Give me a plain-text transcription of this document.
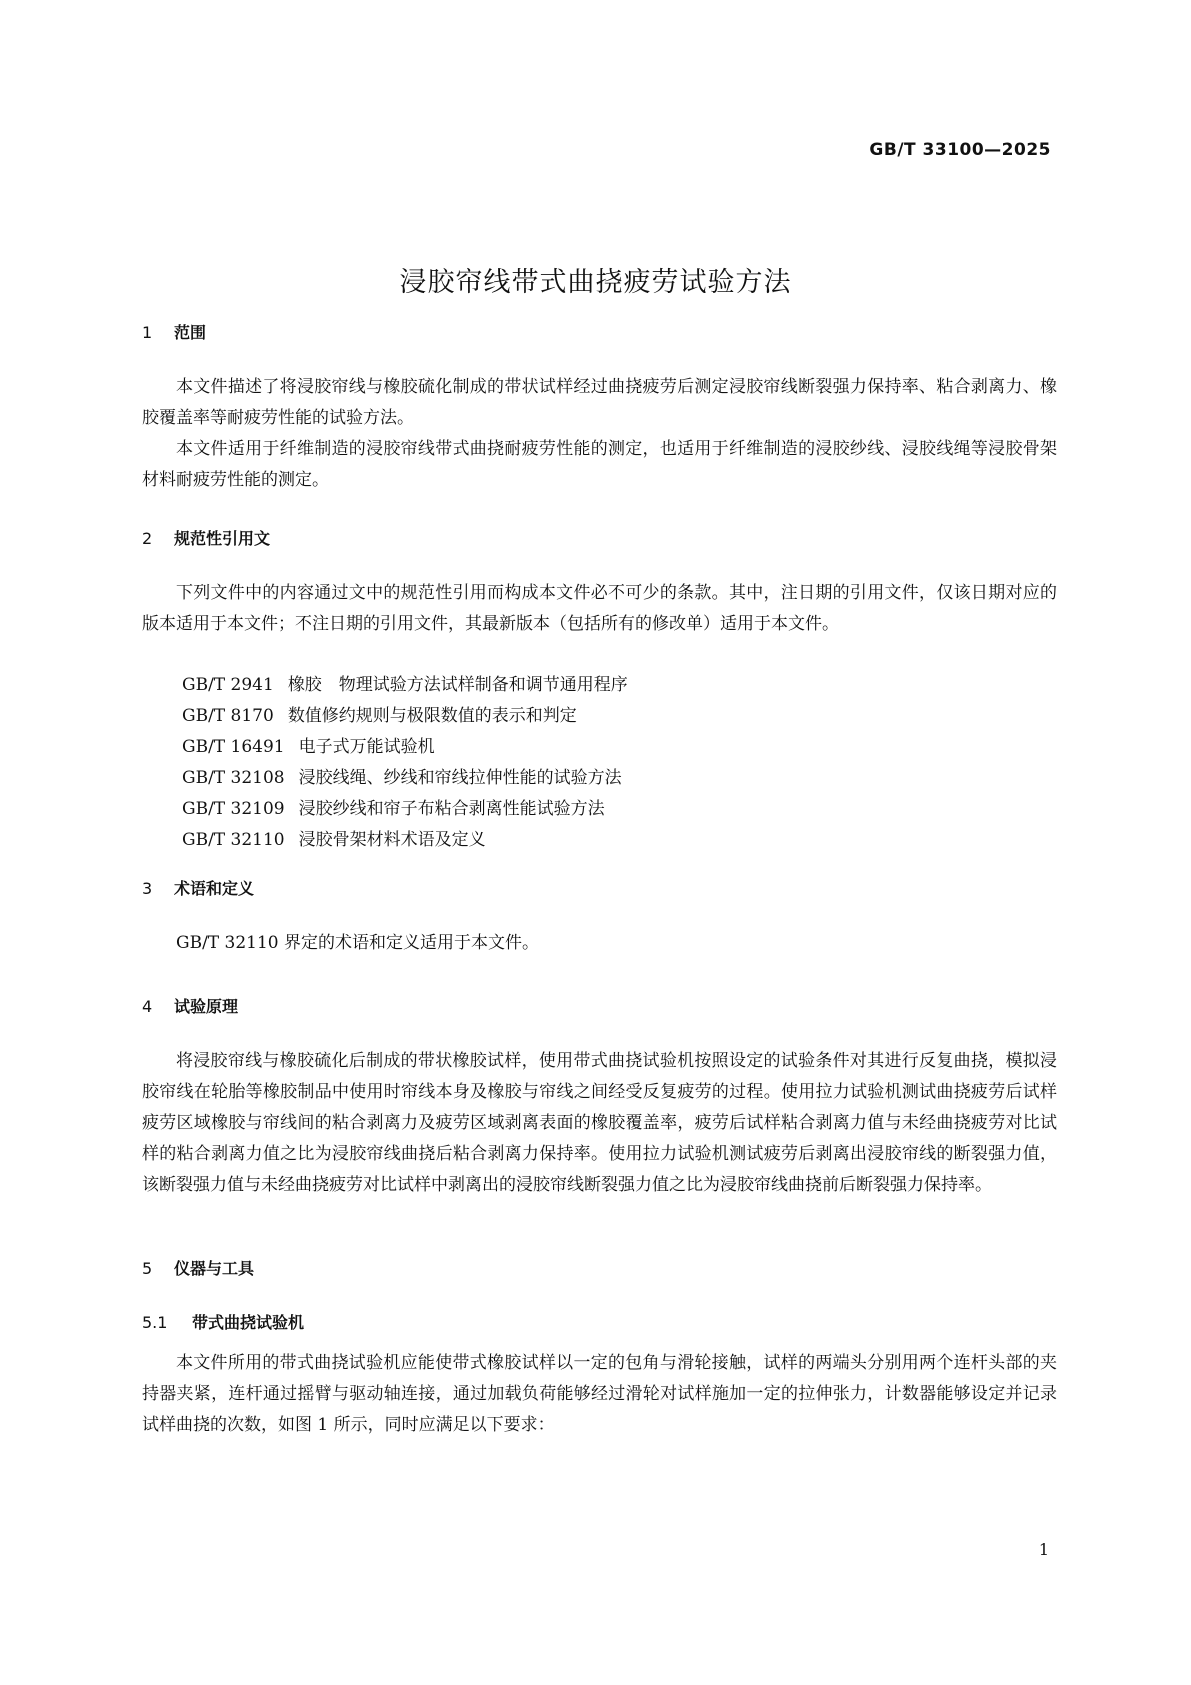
GB/T 33100—2025
浸胶帘线带式曲挠疲劳试验方法
1 范围

本文件描述了将浸胶帘线与橡胶硫化制成的带状试样经过曲挠疲劳后测定浸胶帘线断裂强力保持率、粘合剥离力、橡胶覆盖率等耐疲劳性能的试验方法。

本文件适用于纤维制造的浸胶帘线带式曲挠耐疲劳性能的测定，也适用于纤维制造的浸胶纱线、浸胶线绳等浸胶骨架材料耐疲劳性能的测定。

2 规范性引用文

下列文件中的内容通过文中的规范性引用而构成本文件必不可少的条款。其中，注日期的引用文件，仅该日期对应的版本适用于本文件；不注日期的引用文件，其最新版本（包括所有的修改单）适用于本文件。

GB/T 2941 橡胶　物理试验方法试样制备和调节通用程序
GB/T 8170 数值修约规则与极限数值的表示和判定
GB/T 16491 电子式万能试验机
GB/T 32108 浸胶线绳、纱线和帘线拉伸性能的试验方法
GB/T 32109 浸胶纱线和帘子布粘合剥离性能试验方法
GB/T 32110 浸胶骨架材料术语及定义
3 术语和定义

GB/T 32110 界定的术语和定义适用于本文件。

4 试验原理

将浸胶帘线与橡胶硫化后制成的带状橡胶试样，使用带式曲挠试验机按照设定的试验条件对其进行反复曲挠，模拟浸胶帘线在轮胎等橡胶制品中使用时帘线本身及橡胶与帘线之间经受反复疲劳的过程。使用拉力试验机测试曲挠疲劳后试样疲劳区域橡胶与帘线间的粘合剥离力及疲劳区域剥离表面的橡胶覆盖率，疲劳后试样粘合剥离力值与未经曲挠疲劳对比试样的粘合剥离力值之比为浸胶帘线曲挠后粘合剥离力保持率。使用拉力试验机测试疲劳后剥离出浸胶帘线的断裂强力值，该断裂强力值与未经曲挠疲劳对比试样中剥离出的浸胶帘线断裂强力值之比为浸胶帘线曲挠前后断裂强力保持率。

5 仪器与工具
5.1 带式曲挠试验机

本文件所用的带式曲挠试验机应能使带式橡胶试样以一定的包角与滑轮接触，试样的两端头分别用两个连杆头部的夹持器夹紧，连杆通过摇臂与驱动轴连接，通过加载负荷能够经过滑轮对试样施加一定的拉伸张力，计数器能够设定并记录试样曲挠的次数，如图 1 所示，同时应满足以下要求：

1
